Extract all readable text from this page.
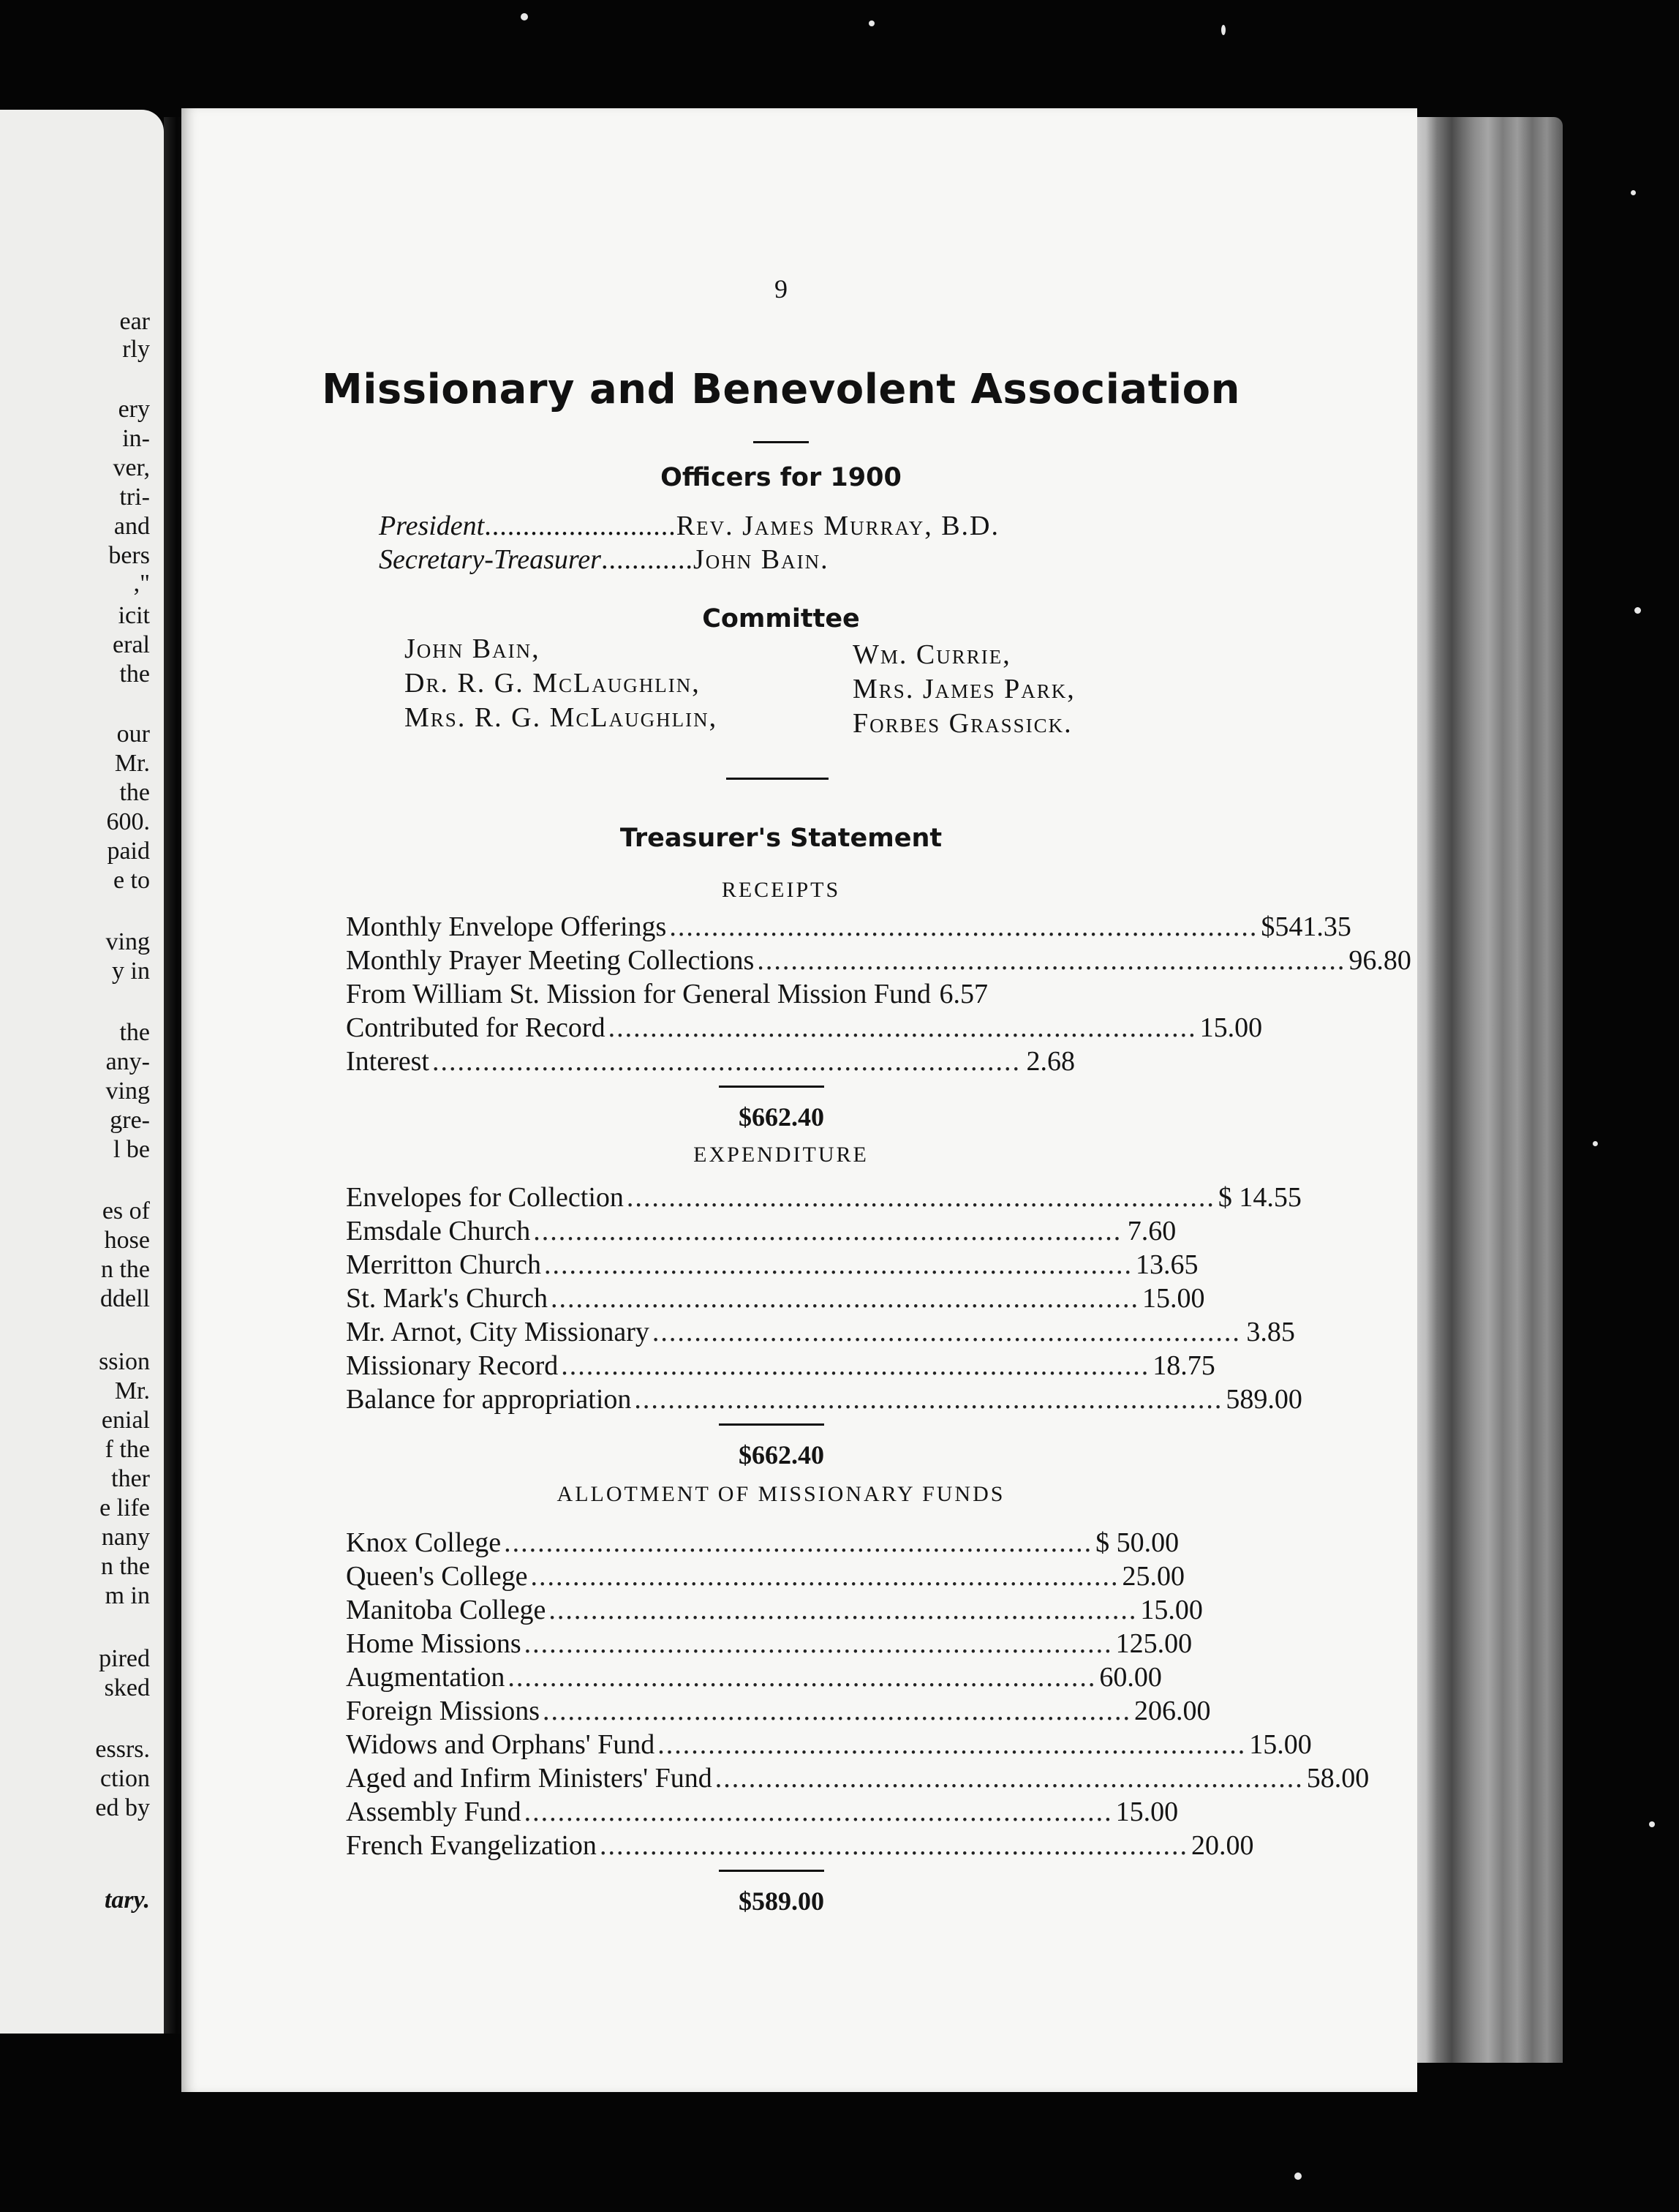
ear
rly
ery
in-
ver,
tri-
and
bers
,"
icit
eral
the
our
Mr.
the
600.
paid
e to
ving
y in
the
any-
ving
gre-
l be
es of
hose
n the
ddell
ssion
Mr.
enial
f the
ther
e life
nany
n the
m in
pired
sked
essrs.
ction
ed by
tary.
9
Missionary and Benevolent Association
Officers for 1900
President.........................Rev. James Murray, B.D.
Secretary-Treasurer............John Bain.
Committee
John Bain,
Dr. R. G. McLaughlin,
Mrs. R. G. McLaughlin,
Wm. Currie,
Mrs. James Park,
Forbes Grassick.
Treasurer's Statement
RECEIPTS
Monthly Envelope Offerings ...................................................................... $541.35
Monthly Prayer Meeting Collections ...................................................................... 96.80
From William St. Mission for General Mission Fund 6.57
Contributed for Record ...................................................................... 15.00
Interest ...................................................................... 2.68
$662.40
EXPENDITURE
Envelopes for Collection ...................................................................... $ 14.55
Emsdale Church ...................................................................... 7.60
Merritton Church ...................................................................... 13.65
St. Mark's Church ...................................................................... 15.00
Mr. Arnot, City Missionary ...................................................................... 3.85
Missionary Record ...................................................................... 18.75
Balance for appropriation ...................................................................... 589.00
$662.40
ALLOTMENT OF MISSIONARY FUNDS
Knox College ...................................................................... $ 50.00
Queen's College ...................................................................... 25.00
Manitoba College ...................................................................... 15.00
Home Missions ...................................................................... 125.00
Augmentation ...................................................................... 60.00
Foreign Missions ...................................................................... 206.00
Widows and Orphans' Fund ...................................................................... 15.00
Aged and Infirm Ministers' Fund ...................................................................... 58.00
Assembly Fund ...................................................................... 15.00
French Evangelization ...................................................................... 20.00
$589.00
